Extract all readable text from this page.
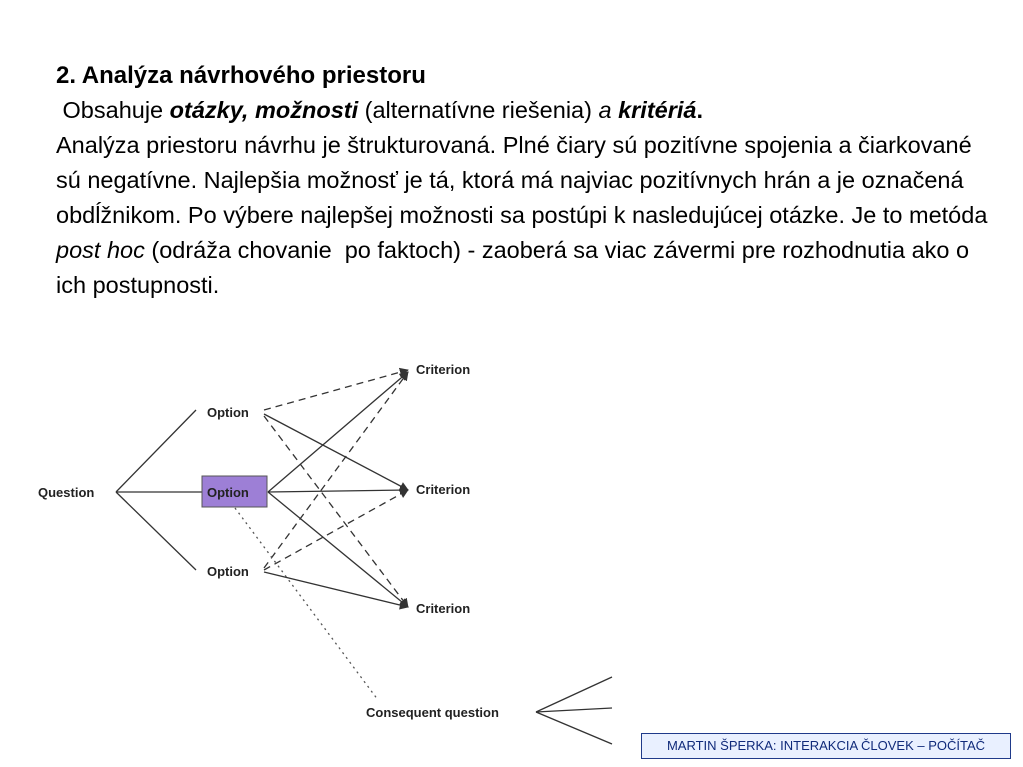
2. Analýza návrhového priestoru

Obsahuje otázky, možnosti (alternatívne riešenia) a kritériá.

Analýza priestoru návrhu je štrukturovaná. Plné čiary sú pozitívne spojenia a čiarkované sú negatívne. Najlepšia možnosť je tá, ktorá má najviac pozitívnych hrán a je označená obdĺžnikom. Po výbere najlepšej možnosti sa postúpi k nasledujúcej otázke. Je to metóda post hoc (odráža chovanie  po faktoch) - zaoberá sa viac závermi pre rozhodnutia ako o ich postupnosti.

Question
Option
Option
Option
Criterion
Criterion
Criterion
Consequent question
MARTIN ŠPERKA: INTERAKCIA ČLOVEK – POČÍTAČ
